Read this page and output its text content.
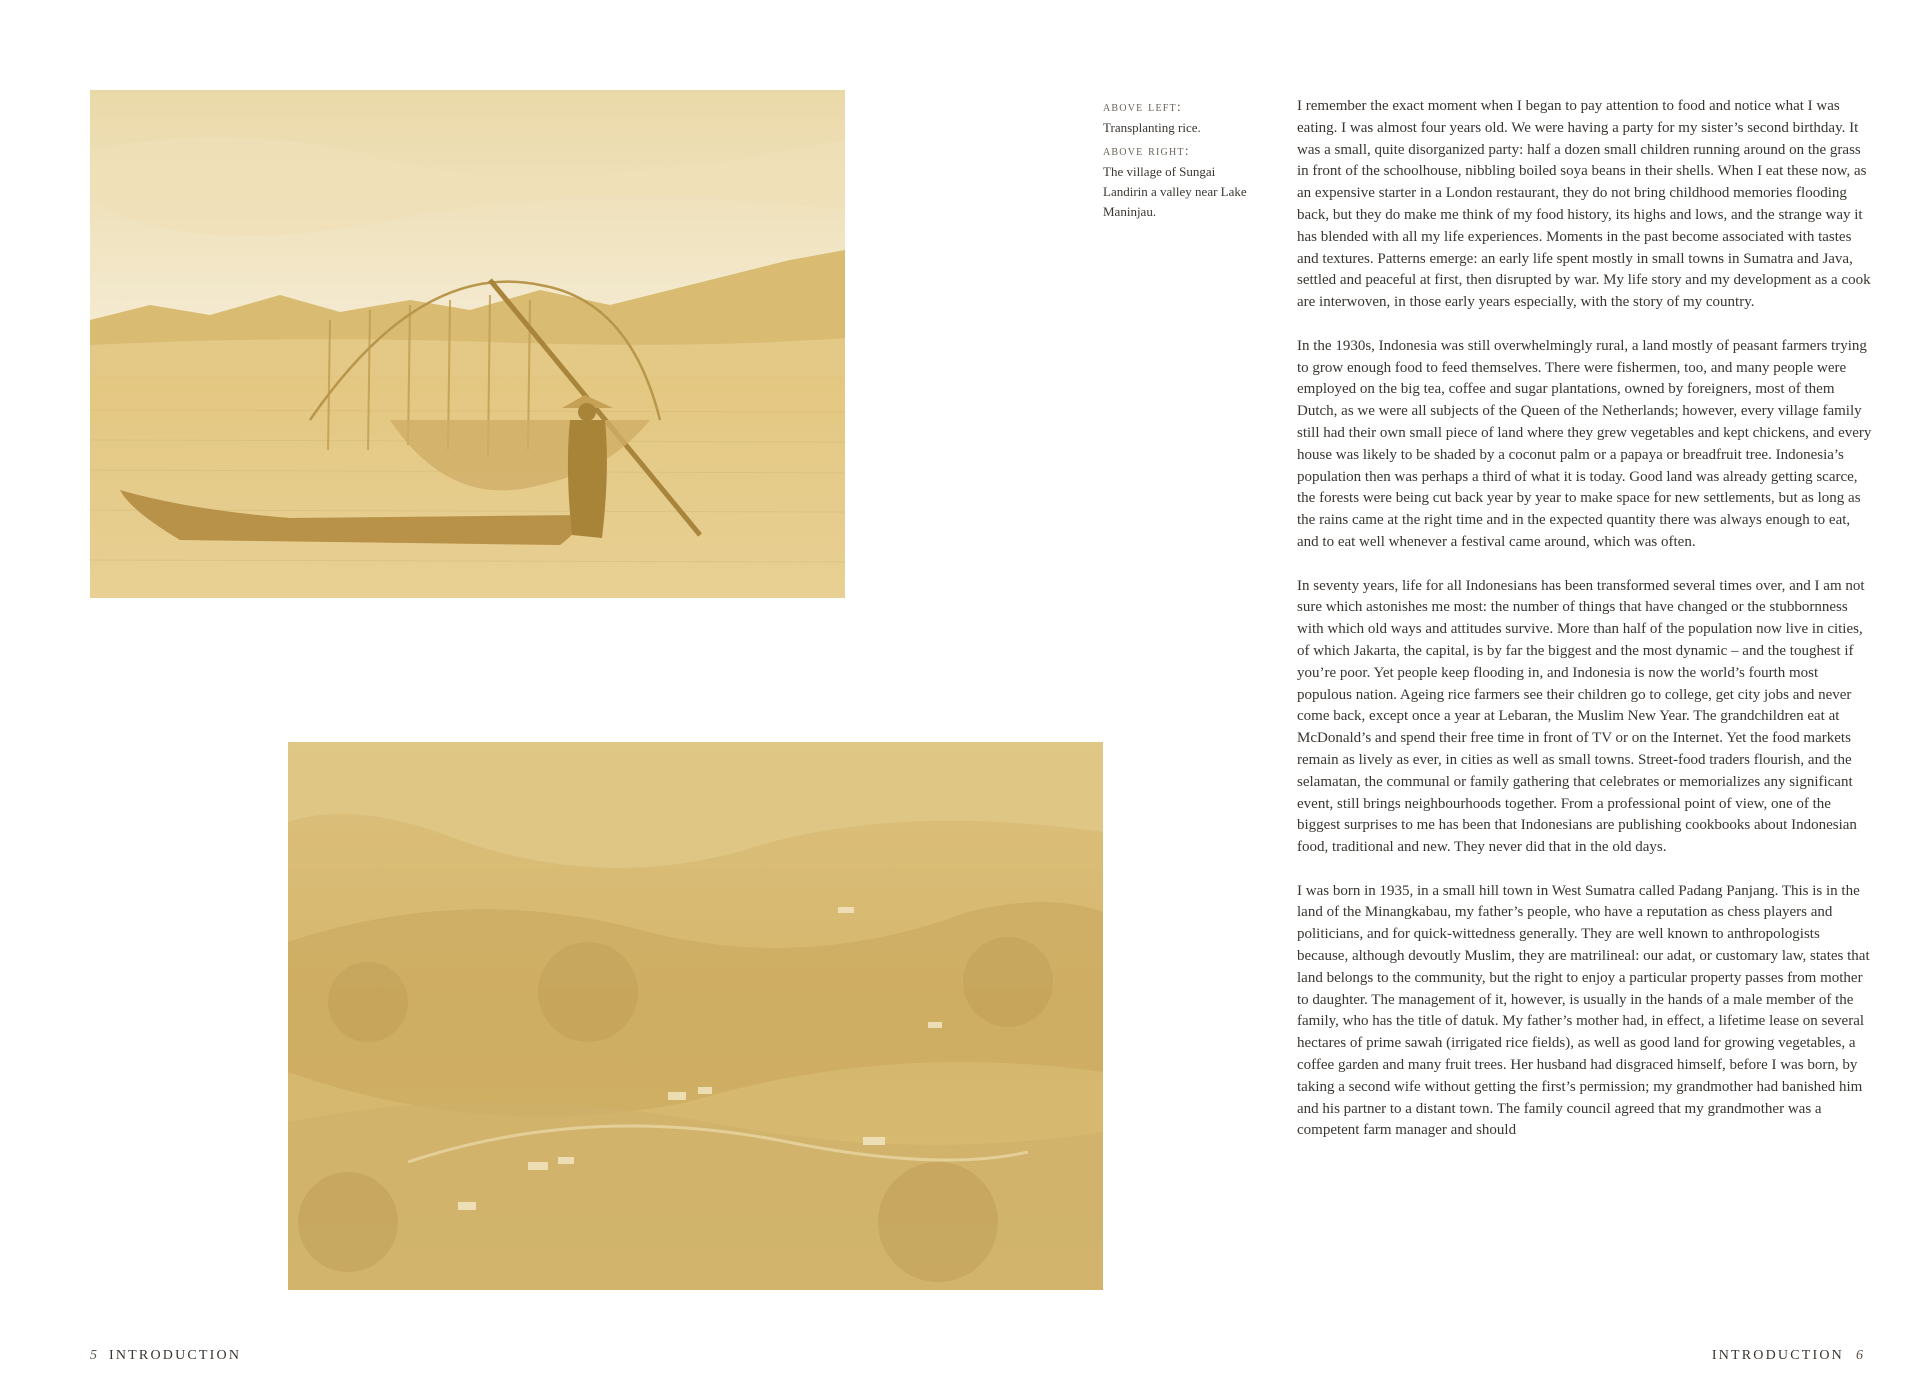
above left:
Transplanting rice.
above right:
The village of Sungai Landirin a valley near Lake Maninjau.

I remember the exact moment when I began to pay attention to food and notice what I was eating. I was almost four years old. We were having a party for my sister’s second birthday. It was a small, quite disorganized party: half a dozen small children running around on the grass in front of the schoolhouse, nibbling boiled soya beans in their shells. When I eat these now, as an expensive starter in a London restaurant, they do not bring childhood memories flooding back, but they do make me think of my food history, its highs and lows, and the strange way it has blended with all my life experiences. Moments in the past become associated with tastes and textures. Patterns emerge: an early life spent mostly in small towns in Sumatra and Java, settled and peaceful at first, then disrupted by war. My life story and my development as a cook are interwoven, in those early years especially, with the story of my country.

In the 1930s, Indonesia was still overwhelmingly rural, a land mostly of peasant farmers trying to grow enough food to feed themselves. There were fishermen, too, and many people were employed on the big tea, coffee and sugar plantations, owned by foreigners, most of them Dutch, as we were all subjects of the Queen of the Netherlands; however, every village family still had their own small piece of land where they grew vegetables and kept chickens, and every house was likely to be shaded by a coconut palm or a papaya or breadfruit tree. Indonesia’s population then was perhaps a third of what it is today. Good land was already getting scarce, the forests were being cut back year by year to make space for new settlements, but as long as the rains came at the right time and in the expected quantity there was always enough to eat, and to eat well whenever a festival came around, which was often.

In seventy years, life for all Indonesians has been transformed several times over, and I am not sure which astonishes me most: the number of things that have changed or the stubbornness with which old ways and attitudes survive. More than half of the population now live in cities, of which Jakarta, the capital, is by far the biggest and the most dynamic – and the toughest if you’re poor. Yet people keep flooding in, and Indonesia is now the world’s fourth most populous nation. Ageing rice farmers see their children go to college, get city jobs and never come back, except once a year at Lebaran, the Muslim New Year. The grandchildren eat at McDonald’s and spend their free time in front of TV or on the Internet. Yet the food markets remain as lively as ever, in cities as well as small towns. Street-food traders flourish, and the selamatan, the communal or family gathering that celebrates or memorializes any significant event, still brings neighbourhoods together. From a professional point of view, one of the biggest surprises to me has been that Indonesians are publishing cookbooks about Indonesian food, traditional and new. They never did that in the old days.

I was born in 1935, in a small hill town in West Sumatra called Padang Panjang. This is in the land of the Minangkabau, my father’s people, who have a reputation as chess players and politicians, and for quick-wittedness generally. They are well known to anthropologists because, although devoutly Muslim, they are matrilineal: our adat, or customary law, states that land belongs to the community, but the right to enjoy a particular property passes from mother to daughter. The management of it, however, is usually in the hands of a male member of the family, who has the title of datuk. My father’s mother had, in effect, a lifetime lease on several hectares of prime sawah (irrigated rice fields), as well as good land for growing vegetables, a coffee garden and many fruit trees. Her husband had disgraced himself, before I was born, by taking a second wife without getting the first’s permission; my grandmother had banished him and his partner to a distant town. The family council agreed that my grandmother was a competent farm manager and should

5 INTRODUCTION	INTRODUCTION 6
